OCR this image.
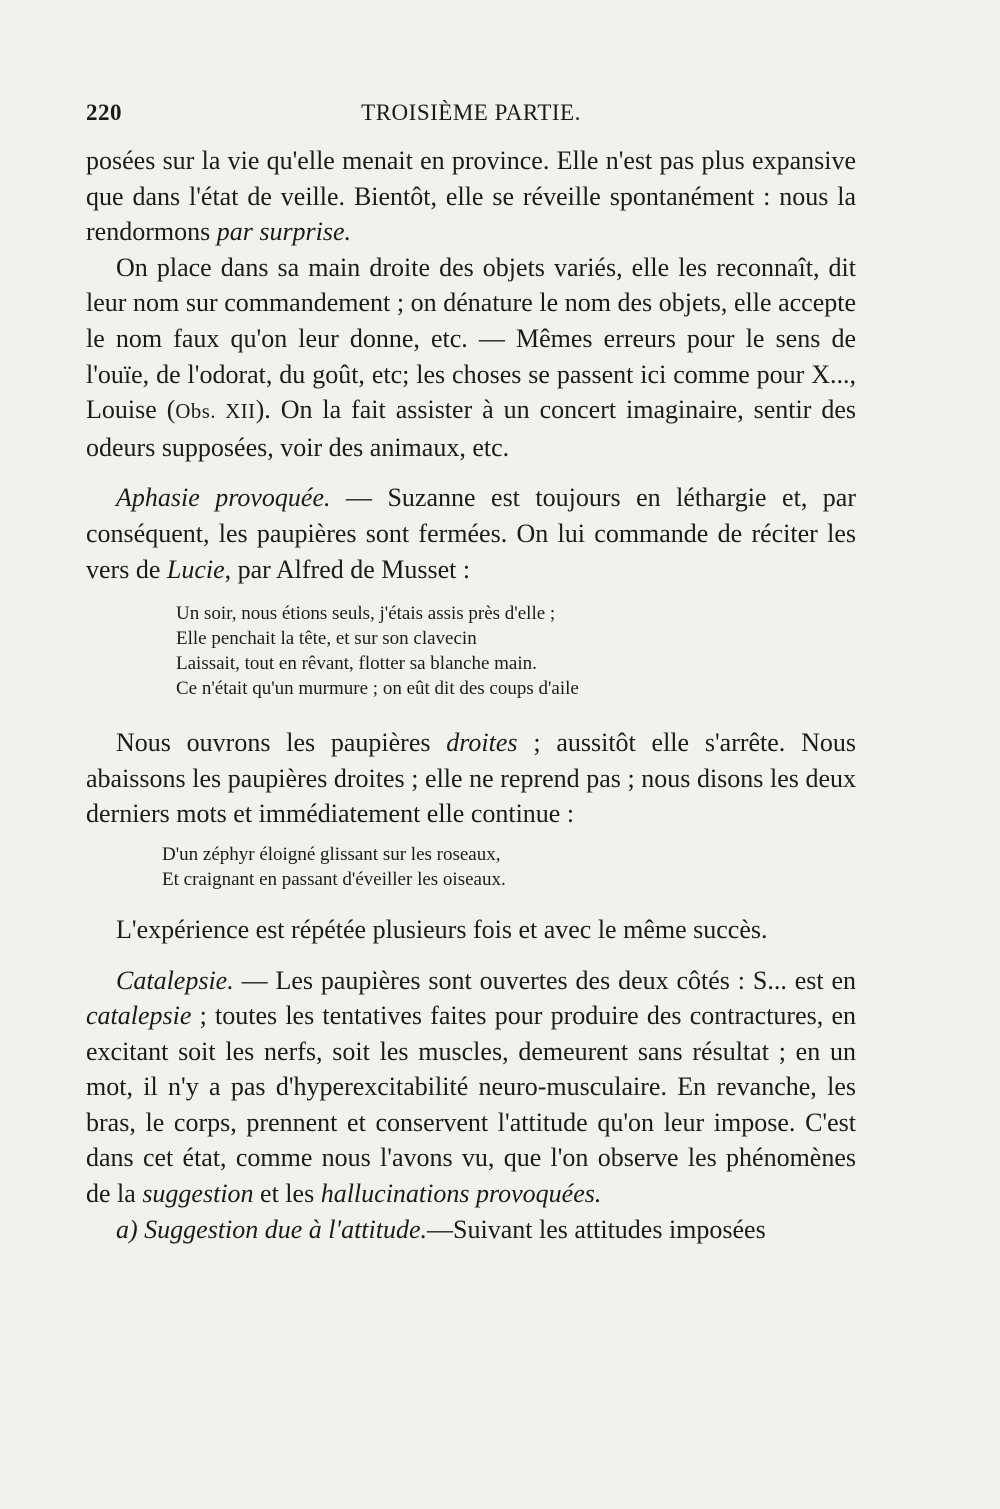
220	TROISIÈME PARTIE.

posées sur la vie qu'elle menait en province. Elle n'est pas plus expansive que dans l'état de veille. Bientôt, elle se réveille spontanément : nous la rendormons par surprise.

On place dans sa main droite des objets variés, elle les reconnaît, dit leur nom sur commandement ; on dénature le nom des objets, elle accepte le nom faux qu'on leur donne, etc. — Mêmes erreurs pour le sens de l'ouïe, de l'odorat, du goût, etc; les choses se passent ici comme pour X..., Louise (Obs. XII). On la fait assister à un concert imaginaire, sentir des odeurs supposées, voir des animaux, etc.

Aphasie provoquée. — Suzanne est toujours en léthargie et, par conséquent, les paupières sont fermées. On lui commande de réciter les vers de Lucie, par Alfred de Musset :

Un soir, nous étions seuls, j'étais assis près d'elle ;
Elle penchait la tête, et sur son clavecin
Laissait, tout en rêvant, flotter sa blanche main.
Ce n'était qu'un murmure ; on eût dit des coups d'aile

Nous ouvrons les paupières droites ; aussitôt elle s'arrête. Nous abaissons les paupières droites ; elle ne reprend pas ; nous disons les deux derniers mots et immédiatement elle continue :

D'un zéphyr éloigné glissant sur les roseaux,
Et craignant en passant d'éveiller les oiseaux.

L'expérience est répétée plusieurs fois et avec le même succès.

Catalepsie. — Les paupières sont ouvertes des deux côtés : S... est en catalepsie ; toutes les tentatives faites pour produire des contractures, en excitant soit les nerfs, soit les muscles, demeurent sans résultat ; en un mot, il n'y a pas d'hyperexcitabilité neuro-musculaire. En revanche, les bras, le corps, prennent et conservent l'attitude qu'on leur impose. C'est dans cet état, comme nous l'avons vu, que l'on observe les phénomènes de la suggestion et les hallucinations provoquées.

a) Suggestion due à l'attitude.—Suivant les attitudes imposées
